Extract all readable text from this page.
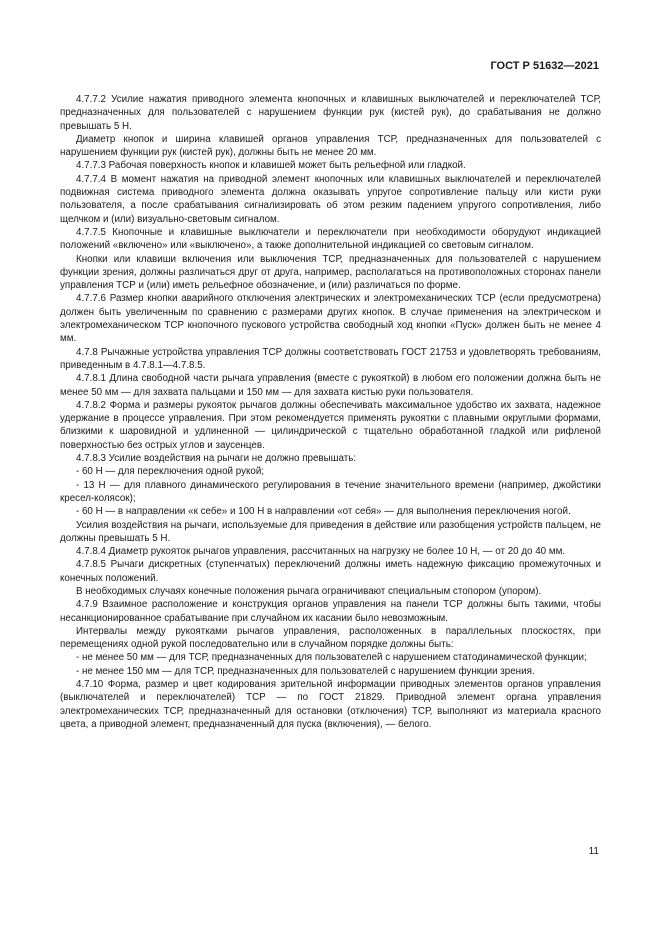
ГОСТ Р 51632—2021

4.7.7.2 Усилие нажатия приводного элемента кнопочных и клавишных выключателей и переключателей ТСР, предназначенных для пользователей с нарушением функции рук (кистей рук), до срабатывания не должно превышать 5 Н.

Диаметр кнопок и ширина клавишей органов управления ТСР, предназначенных для пользователей с нарушением функции рук (кистей рук), должны быть не менее 20 мм.

4.7.7.3 Рабочая поверхность кнопок и клавишей может быть рельефной или гладкой.

4.7.7.4 В момент нажатия на приводной элемент кнопочных или клавишных выключателей и переключателей подвижная система приводного элемента должна оказывать упругое сопротивление пальцу или кисти руки пользователя, а после срабатывания сигнализировать об этом резким падением упругого сопротивления, либо щелчком и (или) визуально-световым сигналом.

4.7.7.5 Кнопочные и клавишные выключатели и переключатели при необходимости оборудуют индикацией положений «включено» или «выключено», а также дополнительной индикацией со световым сигналом.

Кнопки или клавиши включения или выключения ТСР, предназначенных для пользователей с нарушением функции зрения, должны различаться друг от друга, например, располагаться на противоположных сторонах панели управления ТСР и (или) иметь рельефное обозначение, и (или) различаться по форме.

4.7.7.6 Размер кнопки аварийного отключения электрических и электромеханических ТСР (если предусмотрена) должен быть увеличенным по сравнению с размерами других кнопок. В случае применения на электрическом и электромеханическом ТСР кнопочного пускового устройства свободный ход кнопки «Пуск» должен быть не менее 4 мм.

4.7.8 Рычажные устройства управления ТСР должны соответствовать ГОСТ 21753 и удовлетворять требованиям, приведенным в 4.7.8.1—4.7.8.5.

4.7.8.1 Длина свободной части рычага управления (вместе с рукояткой) в любом его положении должна быть не менее 50 мм — для захвата пальцами и 150 мм — для захвата кистью руки пользователя.

4.7.8.2 Форма и размеры рукояток рычагов должны обеспечивать максимальное удобство их захвата, надежное удержание в процессе управления. При этом рекомендуется применять рукоятки с плавными округлыми формами, близкими к шаровидной и удлиненной — цилиндрической с тщательно обработанной гладкой или рифленой поверхностью без острых углов и заусенцев.

4.7.8.3 Усилие воздействия на рычаги не должно превышать:

- 60 Н — для переключения одной рукой;

- 13 Н — для плавного динамического регулирования в течение значительного времени (например, джойстики кресел-колясок);

- 60 Н — в направлении «к себе» и 100 Н в направлении «от себя» — для выполнения переключения ногой.

Усилия воздействия на рычаги, используемые для приведения в действие или разобщения устройств пальцем, не должны превышать 5 Н.

4.7.8.4 Диаметр рукояток рычагов управления, рассчитанных на нагрузку не более 10 Н, — от 20 до 40 мм.

4.7.8.5 Рычаги дискретных (ступенчатых) переключений должны иметь надежную фиксацию промежуточных и конечных положений.

В необходимых случаях конечные положения рычага ограничивают специальным стопором (упором).

4.7.9 Взаимное расположение и конструкция органов управления на панели ТСР должны быть такими, чтобы несанкционированное срабатывание при случайном их касании было невозможным.

Интервалы между рукоятками рычагов управления, расположенных в параллельных плоскостях, при перемещениях одной рукой последовательно или в случайном порядке должны быть:

- не менее 50 мм — для ТСР, предназначенных для пользователей с нарушением статодинамической функции;

- не менее 150 мм — для ТСР, предназначенных для пользователей с нарушением функции зрения.

4.7.10 Форма, размер и цвет кодирования зрительной информации приводных элементов органов управления (выключателей и переключателей) ТСР — по ГОСТ 21829. Приводной элемент органа управления электромеханических ТСР, предназначенный для остановки (отключения) ТСР, выполняют из материала красного цвета, а приводной элемент, предназначенный для пуска (включения), — белого.

11
